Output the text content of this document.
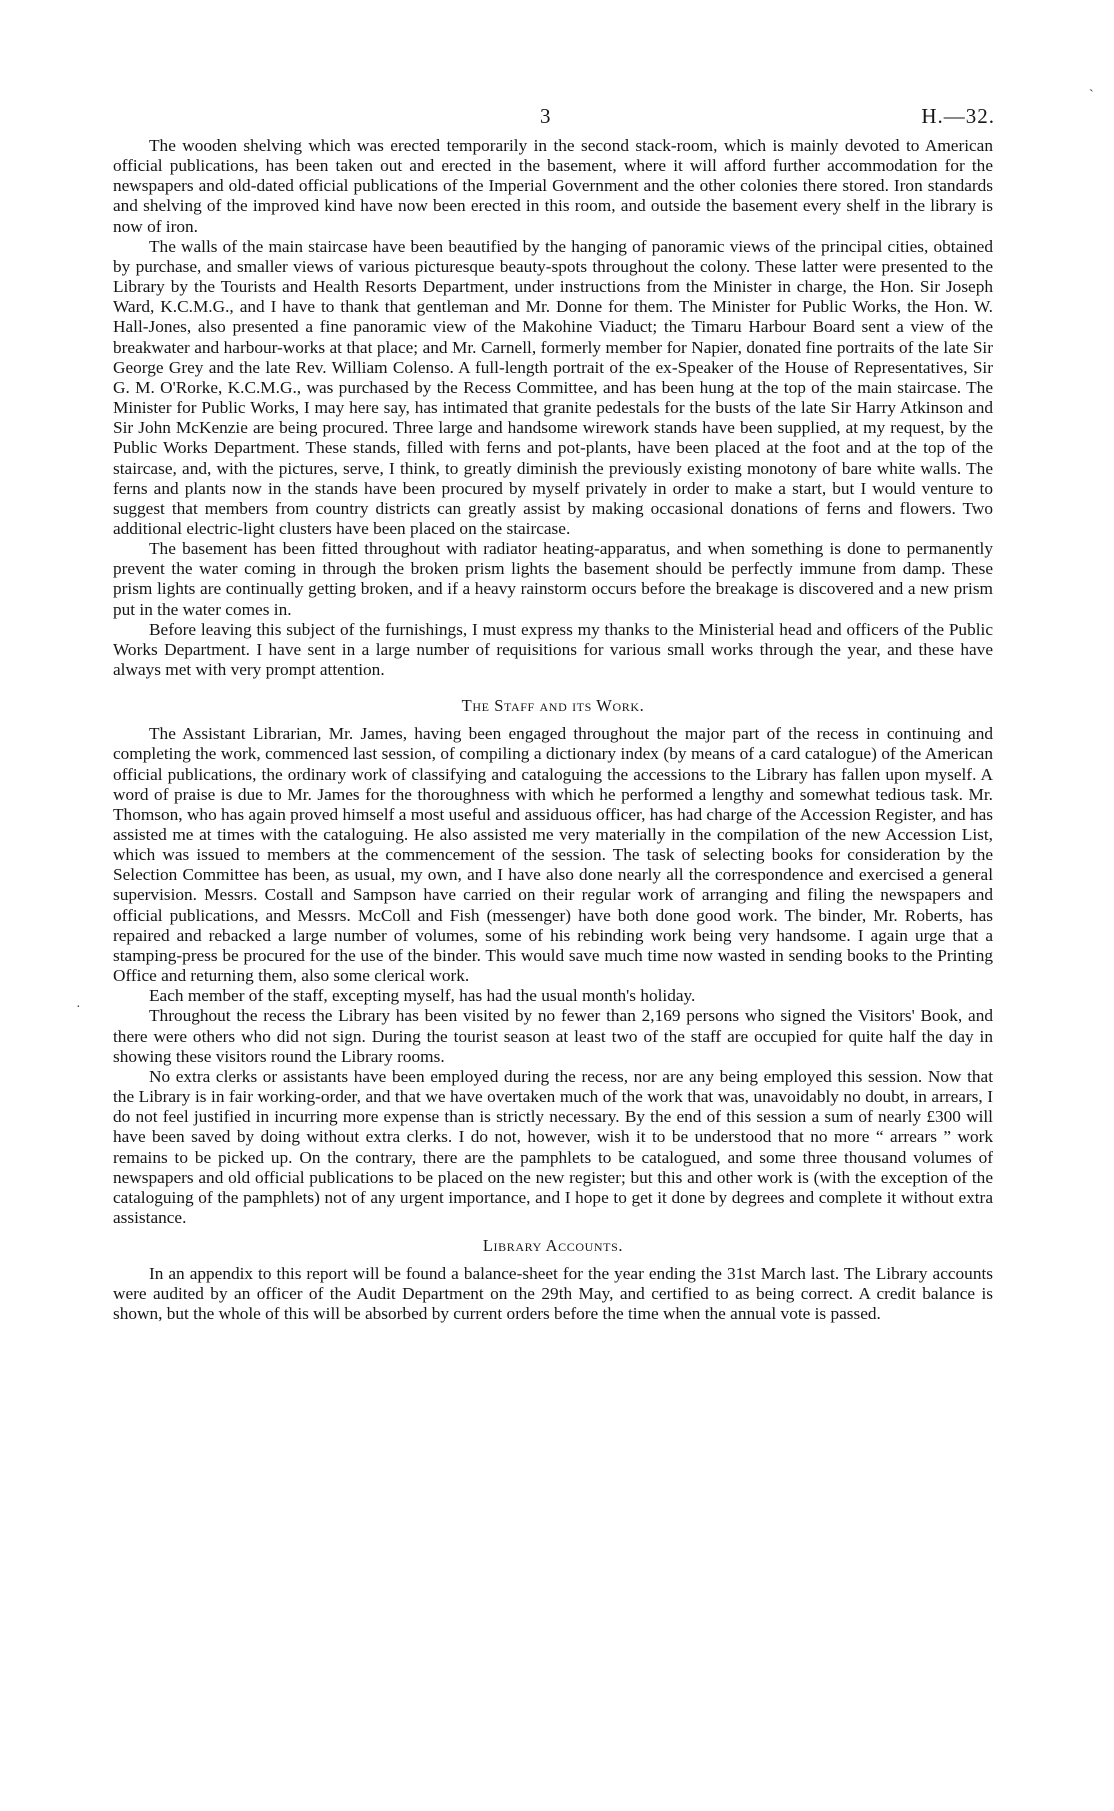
`
·
3	H.—32.

The wooden shelving which was erected temporarily in the second stack-room, which is mainly devoted to American official publications, has been taken out and erected in the basement, where it will afford further accommodation for the newspapers and old-dated official publications of the Imperial Government and the other colonies there stored. Iron standards and shelving of the improved kind have now been erected in this room, and outside the basement every shelf in the library is now of iron.

The walls of the main staircase have been beautified by the hanging of panoramic views of the principal cities, obtained by purchase, and smaller views of various picturesque beauty-spots throughout the colony. These latter were presented to the Library by the Tourists and Health Resorts Department, under instructions from the Minister in charge, the Hon. Sir Joseph Ward, K.C.M.G., and I have to thank that gentleman and Mr. Donne for them. The Minister for Public Works, the Hon. W. Hall-Jones, also presented a fine panoramic view of the Makohine Viaduct; the Timaru Harbour Board sent a view of the breakwater and harbour-works at that place; and Mr. Carnell, formerly member for Napier, donated fine portraits of the late Sir George Grey and the late Rev. William Colenso. A full-length portrait of the ex-Speaker of the House of Representatives, Sir G. M. O'Rorke, K.C.M.G., was purchased by the Recess Committee, and has been hung at the top of the main staircase. The Minister for Public Works, I may here say, has intimated that granite pedestals for the busts of the late Sir Harry Atkinson and Sir John McKenzie are being procured. Three large and handsome wirework stands have been supplied, at my request, by the Public Works Department. These stands, filled with ferns and pot-plants, have been placed at the foot and at the top of the staircase, and, with the pictures, serve, I think, to greatly diminish the previously existing monotony of bare white walls. The ferns and plants now in the stands have been procured by myself privately in order to make a start, but I would venture to suggest that members from country districts can greatly assist by making occasional donations of ferns and flowers. Two additional electric-light clusters have been placed on the staircase.

The basement has been fitted throughout with radiator heating-apparatus, and when something is done to permanently prevent the water coming in through the broken prism lights the basement should be perfectly immune from damp. These prism lights are continually getting broken, and if a heavy rainstorm occurs before the breakage is discovered and a new prism put in the water comes in.

Before leaving this subject of the furnishings, I must express my thanks to the Ministerial head and officers of the Public Works Department. I have sent in a large number of requisitions for various small works through the year, and these have always met with very prompt attention.

The Staff and its Work.

The Assistant Librarian, Mr. James, having been engaged throughout the major part of the recess in continuing and completing the work, commenced last session, of compiling a dictionary index (by means of a card catalogue) of the American official publications, the ordinary work of classifying and cataloguing the accessions to the Library has fallen upon myself. A word of praise is due to Mr. James for the thoroughness with which he performed a lengthy and somewhat tedious task. Mr. Thomson, who has again proved himself a most useful and assiduous officer, has had charge of the Accession Register, and has assisted me at times with the cataloguing. He also assisted me very materially in the compilation of the new Accession List, which was issued to members at the commencement of the session. The task of selecting books for consideration by the Selection Committee has been, as usual, my own, and I have also done nearly all the correspondence and exercised a general supervision. Messrs. Costall and Sampson have carried on their regular work of arranging and filing the newspapers and official publications, and Messrs. McColl and Fish (messenger) have both done good work. The binder, Mr. Roberts, has repaired and rebacked a large number of volumes, some of his rebinding work being very handsome. I again urge that a stamping-press be procured for the use of the binder. This would save much time now wasted in sending books to the Printing Office and returning them, also some clerical work.

Each member of the staff, excepting myself, has had the usual month's holiday.

Throughout the recess the Library has been visited by no fewer than 2,169 persons who signed the Visitors' Book, and there were others who did not sign. During the tourist season at least two of the staff are occupied for quite half the day in showing these visitors round the Library rooms.

No extra clerks or assistants have been employed during the recess, nor are any being employed this session. Now that the Library is in fair working-order, and that we have overtaken much of the work that was, unavoidably no doubt, in arrears, I do not feel justified in incurring more expense than is strictly necessary. By the end of this session a sum of nearly £300 will have been saved by doing without extra clerks. I do not, however, wish it to be understood that no more “ arrears ” work remains to be picked up. On the contrary, there are the pamphlets to be catalogued, and some three thousand volumes of newspapers and old official publications to be placed on the new register; but this and other work is (with the exception of the cataloguing of the pamphlets) not of any urgent importance, and I hope to get it done by degrees and complete it without extra assistance.

Library Accounts.

In an appendix to this report will be found a balance-sheet for the year ending the 31st March last. The Library accounts were audited by an officer of the Audit Department on the 29th May, and certified to as being correct. A credit balance is shown, but the whole of this will be absorbed by current orders before the time when the annual vote is passed.
